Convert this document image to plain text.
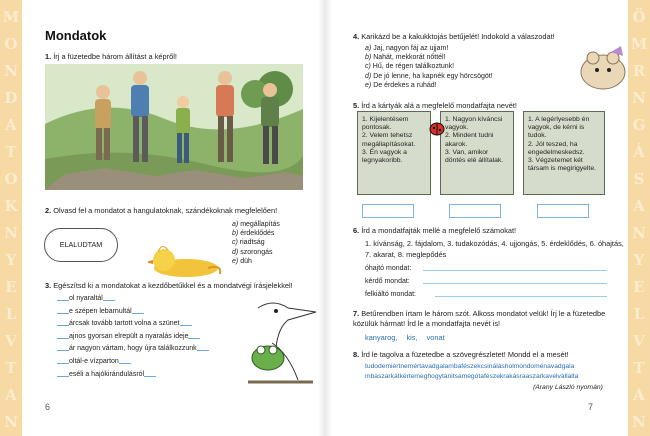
M
O
N
D
A
T
O
K
N
Y
E
L
V
T
A
N
Mondatok
1. Írj a füzetedbe három állítást a képről!
2. Olvasd fel a mondatot a hangulatoknak, szándékoknak megfelelően!
ELALUDTAM
a) megállapítás
b) érdeklődés
c) riadtság
d) szorongás
e) düh
3. Egészítsd ki a mondatokat a kezdőbetűkkel és a mondatvégi írásjelekkel!
ol nyaraltál
e szépen lebarnultál
árcsak tovább tartott volna a szünet
ajnos gyorsan elrepült a nyaralás ideje
ár nagyon vártam, hogy újra találkozzunk
oltál-e vízparton
eséli a hajókirándulásról
6
Ö
M
R
N
G
Á
S
A
N
Y
E
L
V
T
A
N
4. Karikázd be a kakukktojás betűjelét! Indokold a válaszodat!
a) Jaj, nagyon fáj az ujjam!
b) Nahát, mekkorát nőttél!
c) Hű, de régen találkoztunk!
d) De jó lenne, ha kapnék egy hörcsögöt!
e) De érdekes a ruhád!
5. Írd a kártyák alá a megfelelő mondatfajta nevét!
1. Kijelentésem pontosak.
2. Velem tehetsz megállapításokat.
3. Én vagyok a legnyakoribb.
1. Nagyon kíváncsi vagyok.
2. Mindent tudni akarok.
3. Van, amikor döntés elé állítalak.
1. A legérlyesebb én vagyok, de kérni is tudok.
2. Jól teszed, ha engedelmeskedsz.
3. Végzetemet két társam is megirigyelte.
6. Írd a mondatfajták mellé a megfelelő számokat!
1. kívánság, 2. fájdalom, 3. tudakozódás, 4. ujjongás, 5. érdeklődés, 6. óhajtás, 7. akarat, 8. meglepődés
óhajtó mondat:
kérdő mondat:
felkiáltó mondat:
7. Betűrendben írtam le három szót. Alkoss mondatot velük! Írj le a füzetedbe közülük hármat! Írd le a mondatfajta nevét is!
kanyarog, kis, vonat
8. Írd le tagolva a füzetedbe a szövegrészletet! Mondd el a mesét!
tudodemiértnemértavadgalambafészekcsinálásholmondoménavadgala
mbaszarkátkértemeghogytanitsamegótafészekrakásraaszarkavelvállalta
(Arany László nyomán)
7
